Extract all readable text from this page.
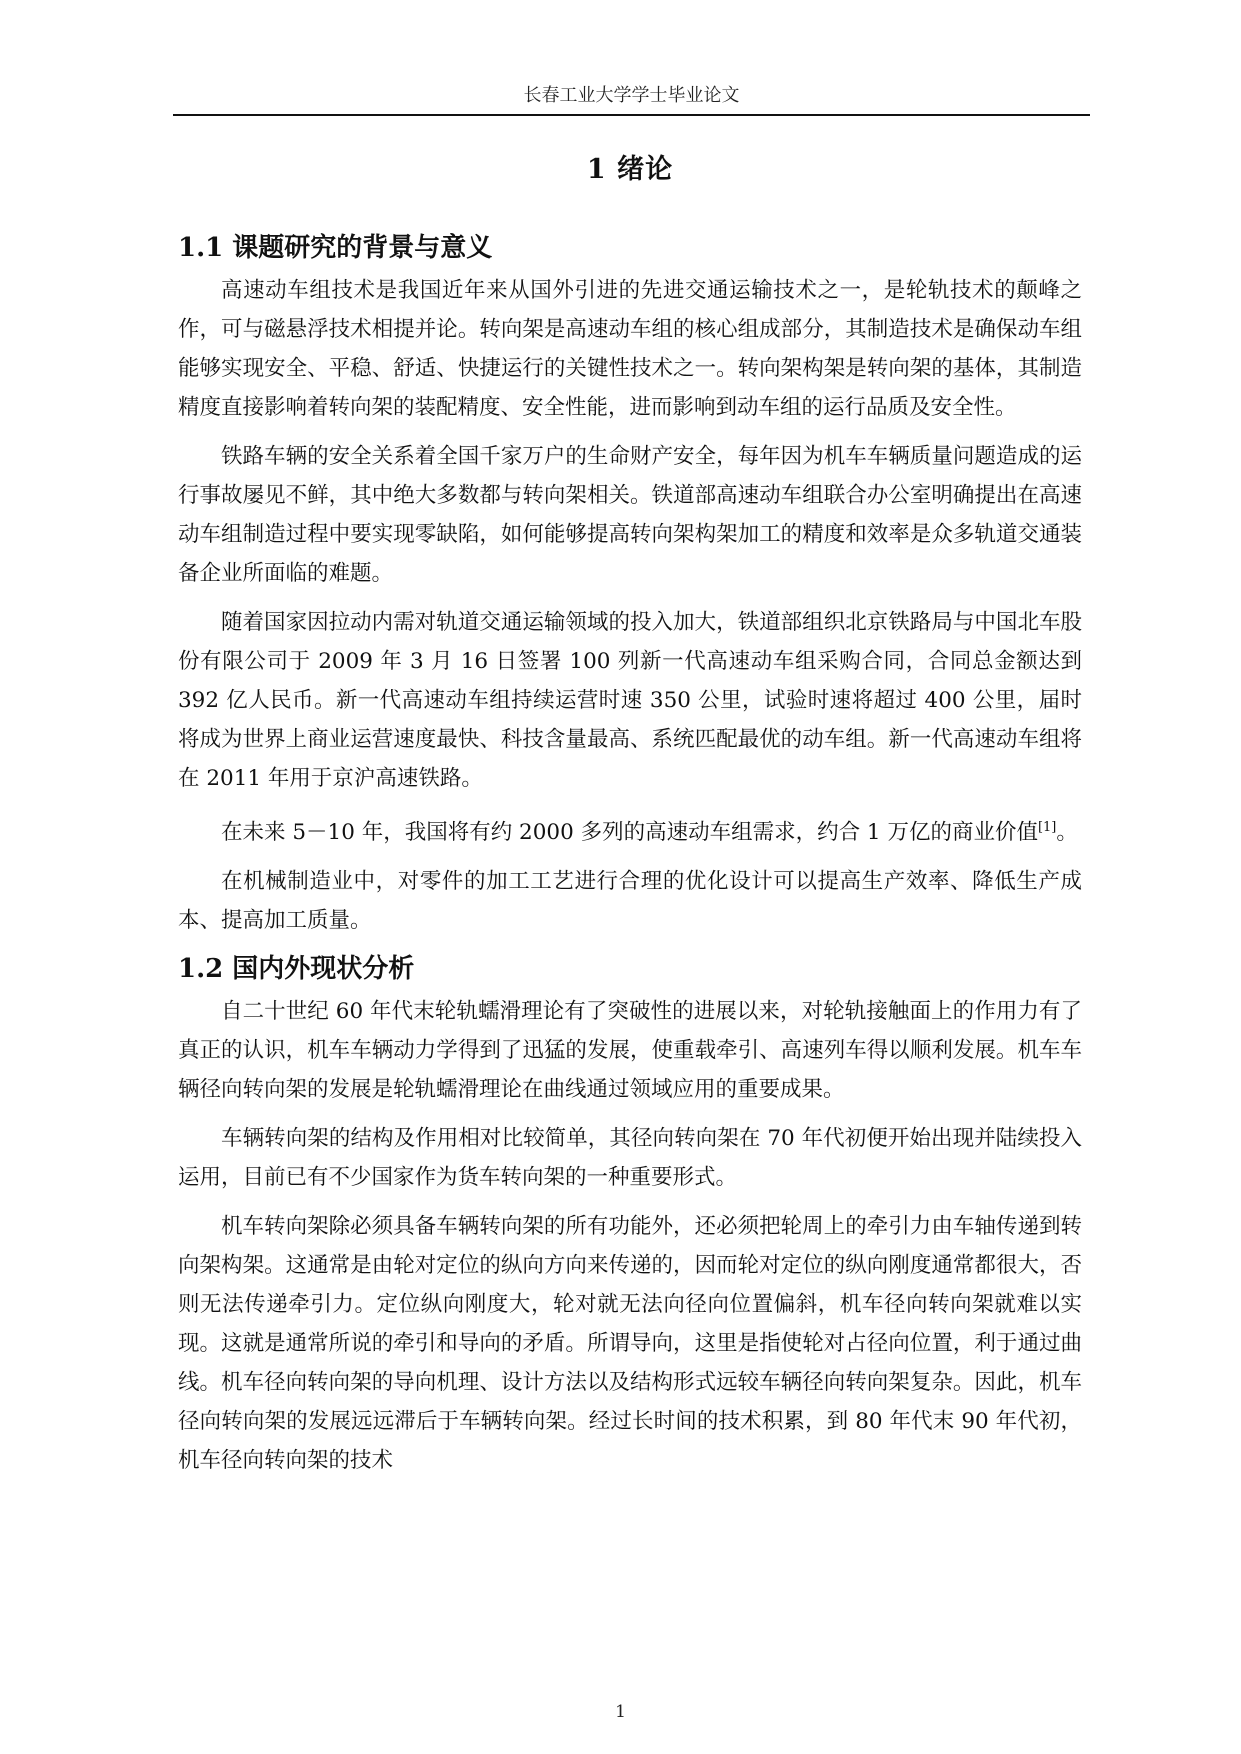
长春工业大学学士毕业论文
1 绪论
1.1 课题研究的背景与意义

高速动车组技术是我国近年来从国外引进的先进交通运输技术之一，是轮轨技术的颠峰之作，可与磁悬浮技术相提并论。转向架是高速动车组的核心组成部分，其制造技术是确保动车组能够实现安全、平稳、舒适、快捷运行的关键性技术之一。转向架构架是转向架的基体，其制造精度直接影响着转向架的装配精度、安全性能，进而影响到动车组的运行品质及安全性。

铁路车辆的安全关系着全国千家万户的生命财产安全，每年因为机车车辆质量问题造成的运行事故屡见不鲜，其中绝大多数都与转向架相关。铁道部高速动车组联合办公室明确提出在高速动车组制造过程中要实现零缺陷，如何能够提高转向架构架加工的精度和效率是众多轨道交通装备企业所面临的难题。

随着国家因拉动内需对轨道交通运输领域的投入加大，铁道部组织北京铁路局与中国北车股份有限公司于 2009 年 3 月 16 日签署 100 列新一代高速动车组采购合同，合同总金额达到 392 亿人民币。新一代高速动车组持续运营时速 350 公里，试验时速将超过 400 公里，届时将成为世界上商业运营速度最快、科技含量最高、系统匹配最优的动车组。新一代高速动车组将在 2011 年用于京沪高速铁路。

在未来 5－10 年，我国将有约 2000 多列的高速动车组需求，约合 1 万亿的商业价值[1]。

在机械制造业中，对零件的加工工艺进行合理的优化设计可以提高生产效率、降低生产成本、提高加工质量。

1.2 国内外现状分析

自二十世纪 60 年代末轮轨蠕滑理论有了突破性的进展以来，对轮轨接触面上的作用力有了真正的认识，机车车辆动力学得到了迅猛的发展，使重载牵引、高速列车得以顺利发展。机车车辆径向转向架的发展是轮轨蠕滑理论在曲线通过领域应用的重要成果。

车辆转向架的结构及作用相对比较简单，其径向转向架在 70 年代初便开始出现并陆续投入运用，目前已有不少国家作为货车转向架的一种重要形式。

机车转向架除必须具备车辆转向架的所有功能外，还必须把轮周上的牵引力由车轴传递到转向架构架。这通常是由轮对定位的纵向方向来传递的，因而轮对定位的纵向刚度通常都很大，否则无法传递牵引力。定位纵向刚度大，轮对就无法向径向位置偏斜，机车径向转向架就难以实现。这就是通常所说的牵引和导向的矛盾。所谓导向，这里是指使轮对占径向位置，利于通过曲线。机车径向转向架的导向机理、设计方法以及结构形式远较车辆径向转向架复杂。因此，机车径向转向架的发展远远滞后于车辆转向架。经过长时间的技术积累，到 80 年代末 90 年代初，机车径向转向架的技术

1
